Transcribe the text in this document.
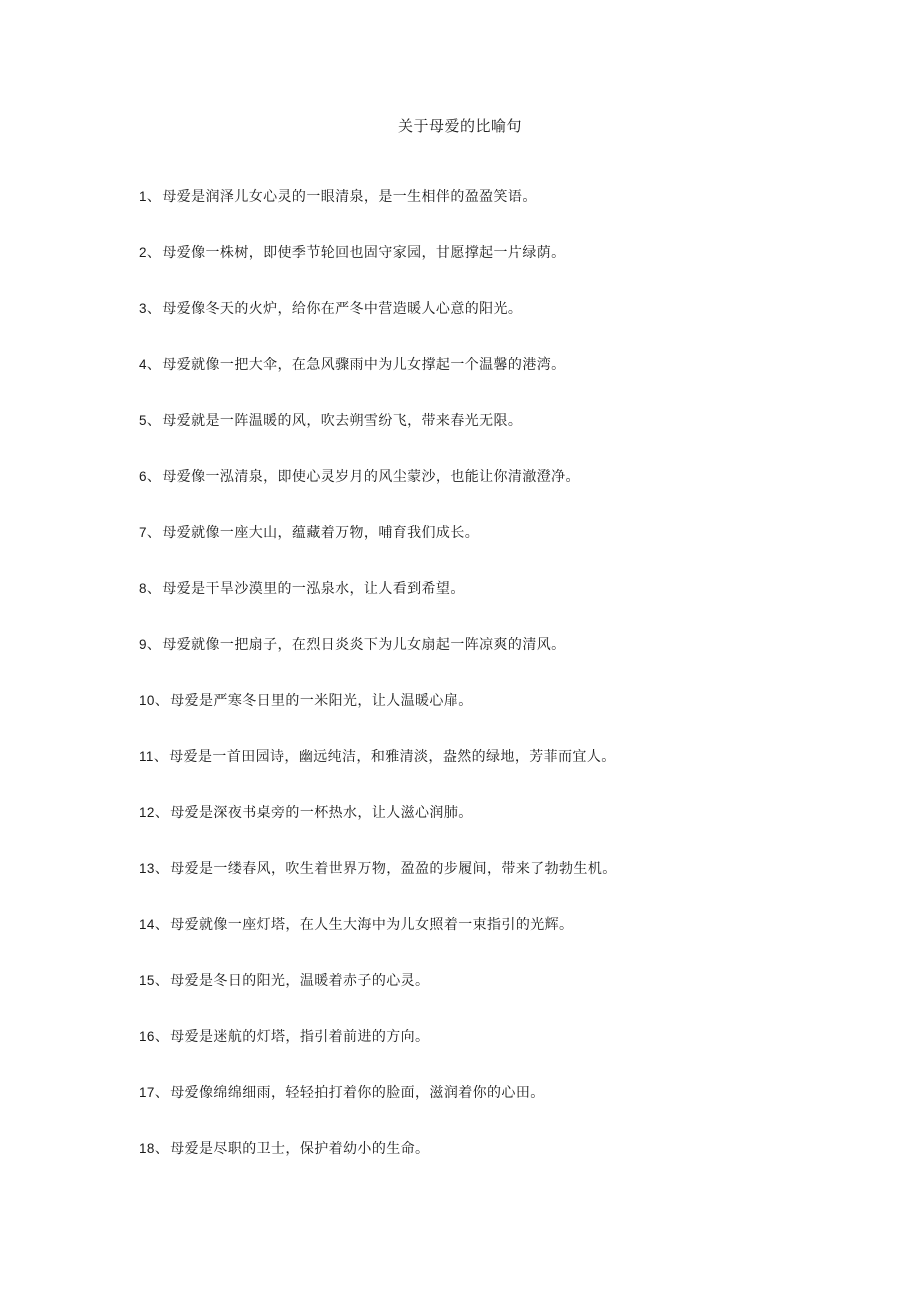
关于母爱的比喻句
1 、 母爱是润泽儿女心灵的一眼清泉，是一生相伴的盈盈笑语。
2 、 母爱像一株树，即使季节轮回也固守家园，甘愿撑起一片绿荫。
3 、 母爱像冬天的火炉，给你在严冬中营造暖人心意的阳光。
4 、 母爱就像一把大伞，在急风骤雨中为儿女撑起一个温馨的港湾。
5 、 母爱就是一阵温暖的风，吹去朔雪纷飞，带来春光无限。
6 、 母爱像一泓清泉，即使心灵岁月的风尘蒙沙，也能让你清澈澄净。
7 、 母爱就像一座大山，蕴藏着万物，哺育我们成长。
8 、 母爱是干旱沙漠里的一泓泉水，让人看到希望。
9 、 母爱就像一把扇子，在烈日炎炎下为儿女扇起一阵凉爽的清风。
10 、 母爱是严寒冬日里的一米阳光，让人温暖心扉。
11 、 母爱是一首田园诗，幽远纯洁，和雅清淡，盎然的绿地，芳菲而宜人。
12 、 母爱是深夜书桌旁的一杯热水，让人滋心润肺。
13 、 母爱是一缕春风，吹生着世界万物，盈盈的步履间，带来了勃勃生机。
14 、 母爱就像一座灯塔，在人生大海中为儿女照着一束指引的光辉。
15 、 母爱是冬日的阳光，温暖着赤子的心灵。
16 、 母爱是迷航的灯塔，指引着前进的方向。
17 、 母爱像绵绵细雨，轻轻拍打着你的脸面，滋润着你的心田。
18 、 母爱是尽职的卫士，保护着幼小的生命。
